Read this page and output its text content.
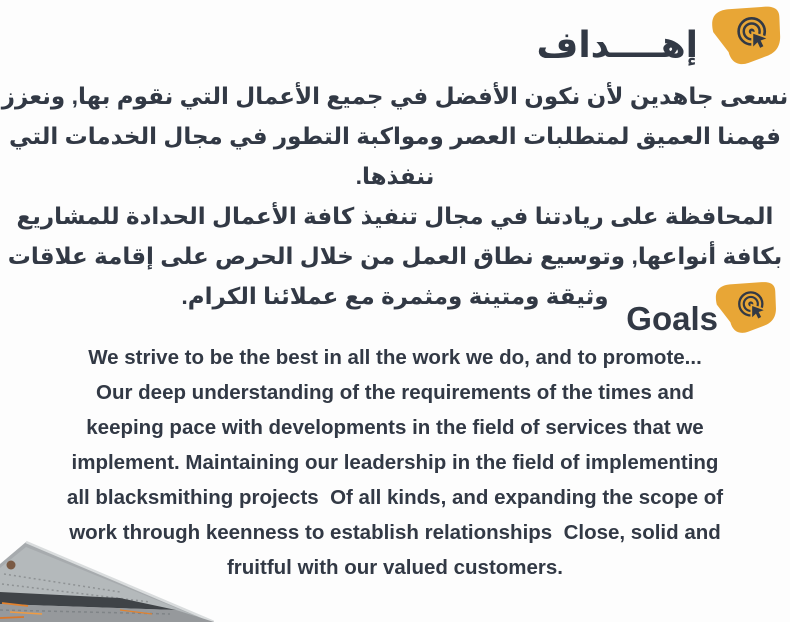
إهــــداف
نسعى جاهدين لأن نكون الأفضل في جميع الأعمال التي نقوم بها, ونعزز
فهمنا العميق لمتطلبات العصر ومواكبة التطور في مجال الخدمات التي ننفذها.
المحافظة على ريادتنا في مجال تنفيذ كافة الأعمال الحدادة للمشاريع
بكافة أنواعها, وتوسيع نطاق العمل من خلال الحرص على إقامة علاقات
وثيقة ومتينة ومثمرة مع عملائنا الكرام.
Goals
We strive to be the best in all the work we do, and to promote...
Our deep understanding of the requirements of the times and
keeping pace with developments in the field of services that we
implement. Maintaining our leadership in the field of implementing
all blacksmithing projects  Of all kinds, and expanding the scope of
work through keenness to establish relationships  Close, solid and
fruitful with our valued customers.
